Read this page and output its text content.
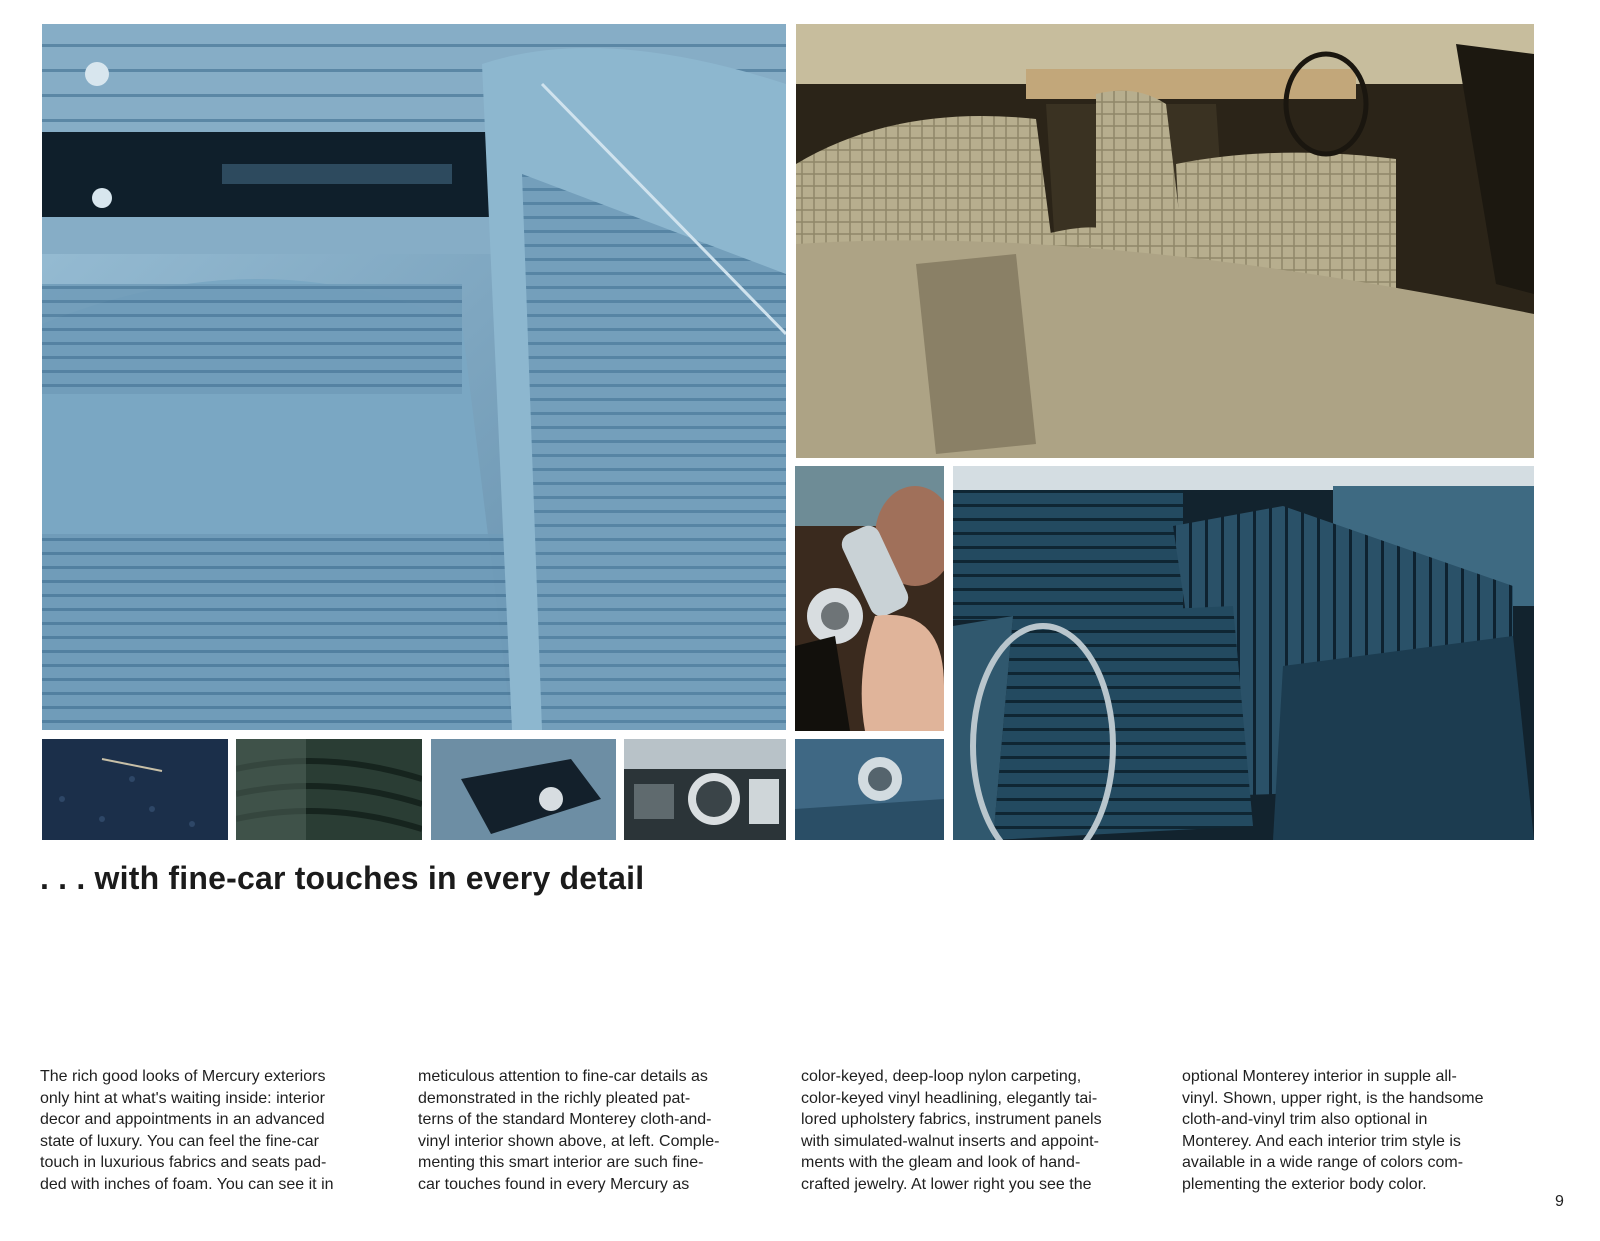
. . . with fine-car touches in every detail
The rich good looks of Mercury exteriors
only hint at what's waiting inside: interior
decor and appointments in an advanced
state of luxury. You can feel the fine-car
touch in luxurious fabrics and seats pad-
ded with inches of foam. You can see it in
meticulous attention to fine-car details as
demonstrated in the richly pleated pat-
terns of the standard Monterey cloth-and-
vinyl interior shown above, at left. Comple-
menting this smart interior are such fine-
car touches found in every Mercury as
color-keyed, deep-loop nylon carpeting,
color-keyed vinyl headlining, elegantly tai-
lored upholstery fabrics, instrument panels
with simulated-walnut inserts and appoint-
ments with the gleam and look of hand-
crafted jewelry. At lower right you see the
optional Monterey interior in supple all-
vinyl. Shown, upper right, is the handsome
cloth-and-vinyl trim also optional in
Monterey. And each interior trim style is
available in a wide range of colors com-
plementing the exterior body color.
9
